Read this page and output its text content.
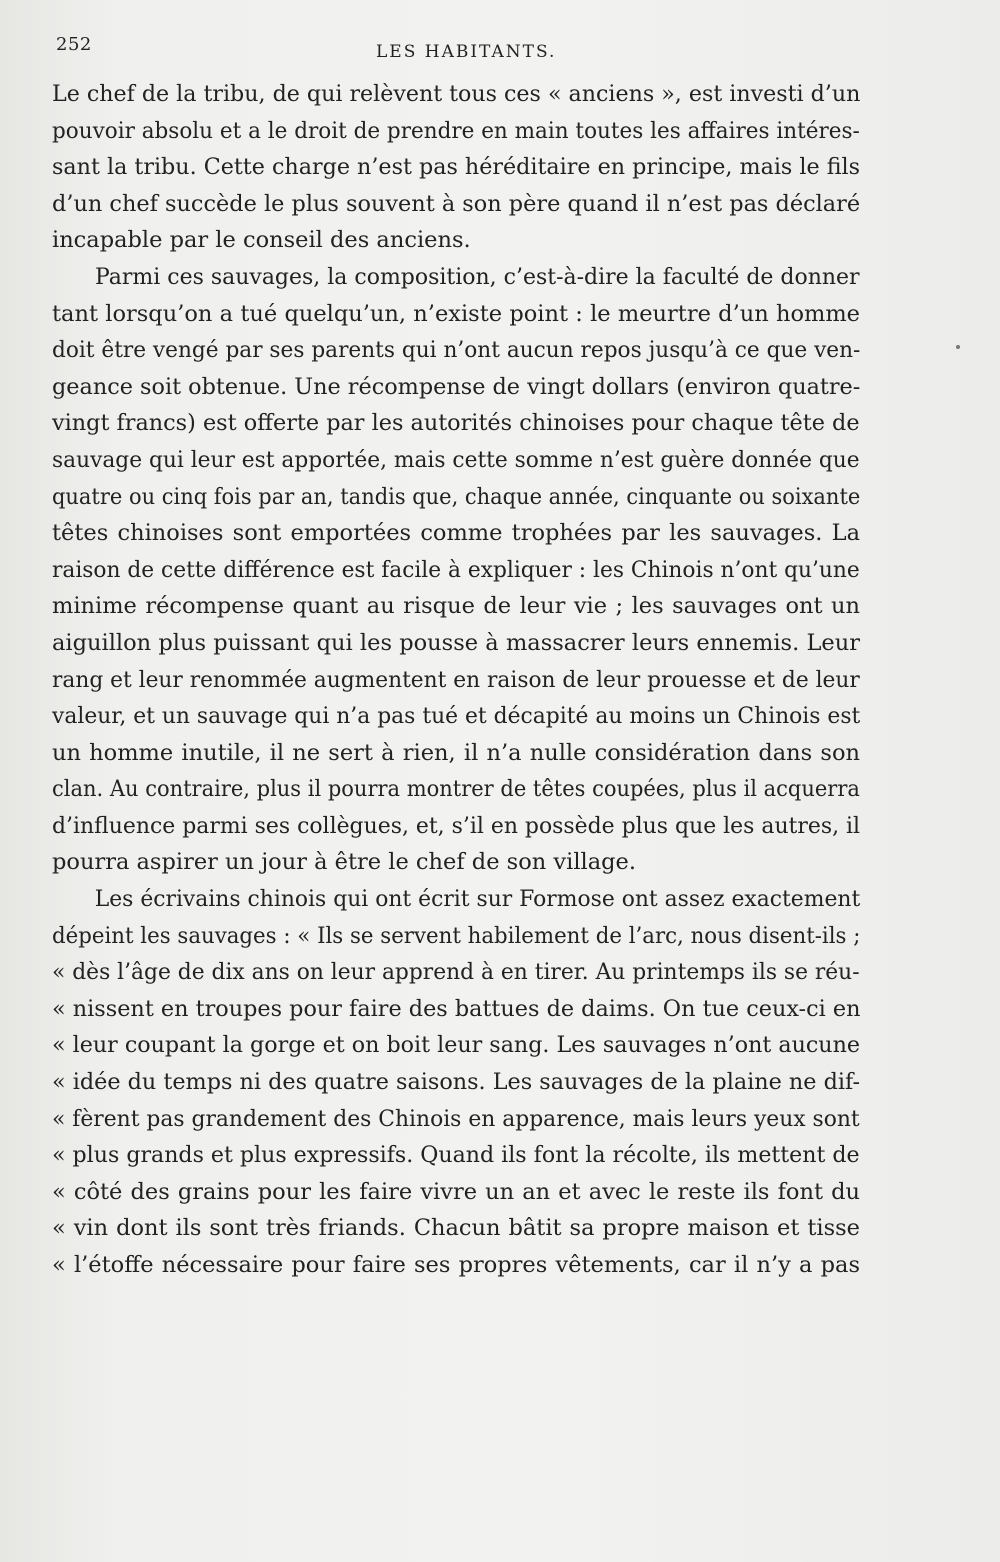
252	LES HABITANTS.
Le chef de la tribu, de qui relèvent tous ces « anciens », est investi d’un
pouvoir absolu et a le droit de prendre en main toutes les affaires intéres-
sant la tribu. Cette charge n’est pas héréditaire en principe, mais le fils
d’un chef succède le plus souvent à son père quand il n’est pas déclaré
incapable par le conseil des anciens.
Parmi ces sauvages, la composition, c’est-à-dire la faculté de donner
tant lorsqu’on a tué quelqu’un, n’existe point : le meurtre d’un homme
doit être vengé par ses parents qui n’ont aucun repos jusqu’à ce que ven-
geance soit obtenue. Une récompense de vingt dollars (environ quatre-
vingt francs) est offerte par les autorités chinoises pour chaque tête de
sauvage qui leur est apportée, mais cette somme n’est guère donnée que
quatre ou cinq fois par an, tandis que, chaque année, cinquante ou soixante
têtes chinoises sont emportées comme trophées par les sauvages. La
raison de cette différence est facile à expliquer : les Chinois n’ont qu’une
minime récompense quant au risque de leur vie ; les sauvages ont un
aiguillon plus puissant qui les pousse à massacrer leurs ennemis. Leur
rang et leur renommée augmentent en raison de leur prouesse et de leur
valeur, et un sauvage qui n’a pas tué et décapité au moins un Chinois est
un homme inutile, il ne sert à rien, il n’a nulle considération dans son
clan. Au contraire, plus il pourra montrer de têtes coupées, plus il acquerra
d’influence parmi ses collègues, et, s’il en possède plus que les autres, il
pourra aspirer un jour à être le chef de son village.
Les écrivains chinois qui ont écrit sur Formose ont assez exactement
dépeint les sauvages : « Ils se servent habilement de l’arc, nous disent-ils ;
« dès l’âge de dix ans on leur apprend à en tirer. Au printemps ils se réu-
« nissent en troupes pour faire des battues de daims. On tue ceux-ci en
« leur coupant la gorge et on boit leur sang. Les sauvages n’ont aucune
« idée du temps ni des quatre saisons. Les sauvages de la plaine ne dif-
« fèrent pas grandement des Chinois en apparence, mais leurs yeux sont
« plus grands et plus expressifs. Quand ils font la récolte, ils mettent de
« côté des grains pour les faire vivre un an et avec le reste ils font du
« vin dont ils sont très friands. Chacun bâtit sa propre maison et tisse
« l’étoffe nécessaire pour faire ses propres vêtements, car il n’y a pas
